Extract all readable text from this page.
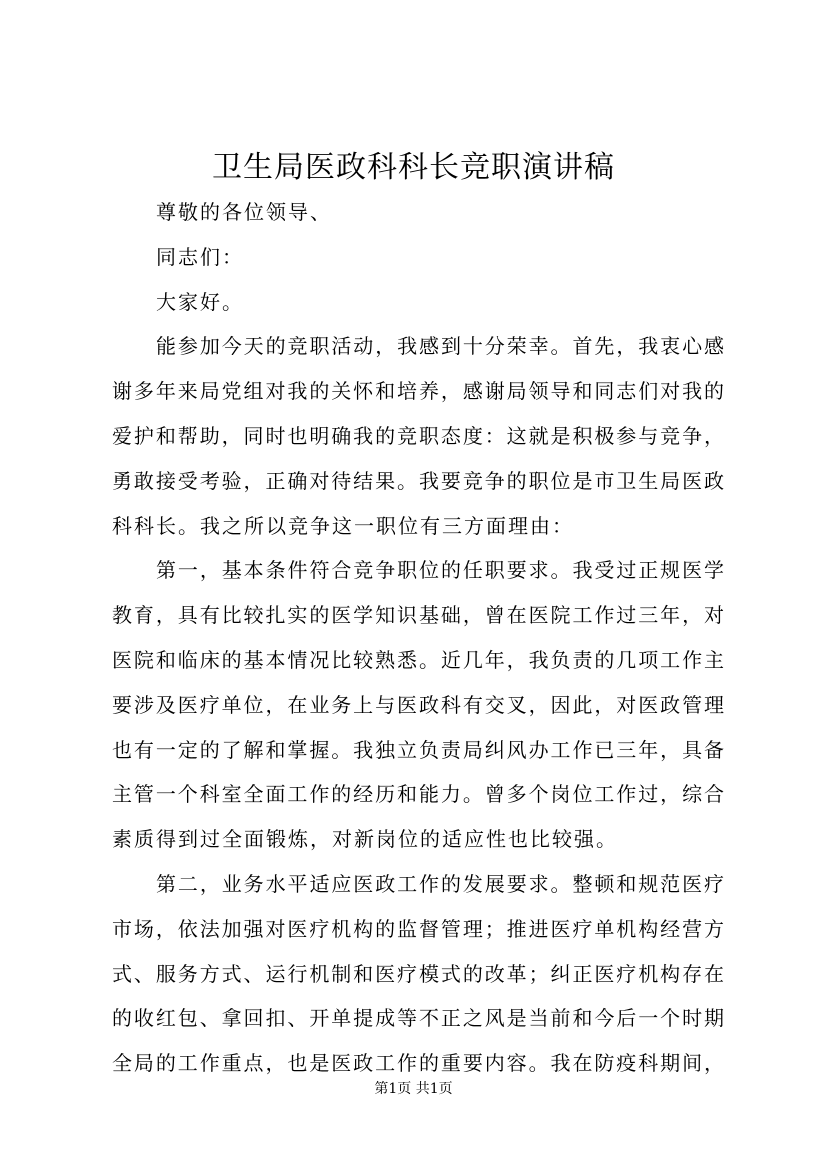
卫生局医政科科长竞职演讲稿
尊敬的各位领导、
同志们：
大家好。
能参加今天的竞职活动，我感到十分荣幸。首先，我衷心感
谢多年来局党组对我的关怀和培养，感谢局领导和同志们对我的
爱护和帮助，同时也明确我的竞职态度：这就是积极参与竞争，
勇敢接受考验，正确对待结果。我要竞争的职位是市卫生局医政
科科长。我之所以竞争这一职位有三方面理由：
第一，基本条件符合竞争职位的任职要求。我受过正规医学
教育，具有比较扎实的医学知识基础，曾在医院工作过三年，对
医院和临床的基本情况比较熟悉。近几年，我负责的几项工作主
要涉及医疗单位，在业务上与医政科有交叉，因此，对医政管理
也有一定的了解和掌握。我独立负责局纠风办工作已三年，具备
主管一个科室全面工作的经历和能力。曾多个岗位工作过，综合
素质得到过全面锻炼，对新岗位的适应性也比较强。
第二，业务水平适应医政工作的发展要求。整顿和规范医疗
市场，依法加强对医疗机构的监督管理；推进医疗单机构经营方
式、服务方式、运行机制和医疗模式的改革；纠正医疗机构存在
的收红包、拿回扣、开单提成等不正之风是当前和今后一个时期
全局的工作重点，也是医政工作的重要内容。我在防疫科期间，
第1页 共1页
